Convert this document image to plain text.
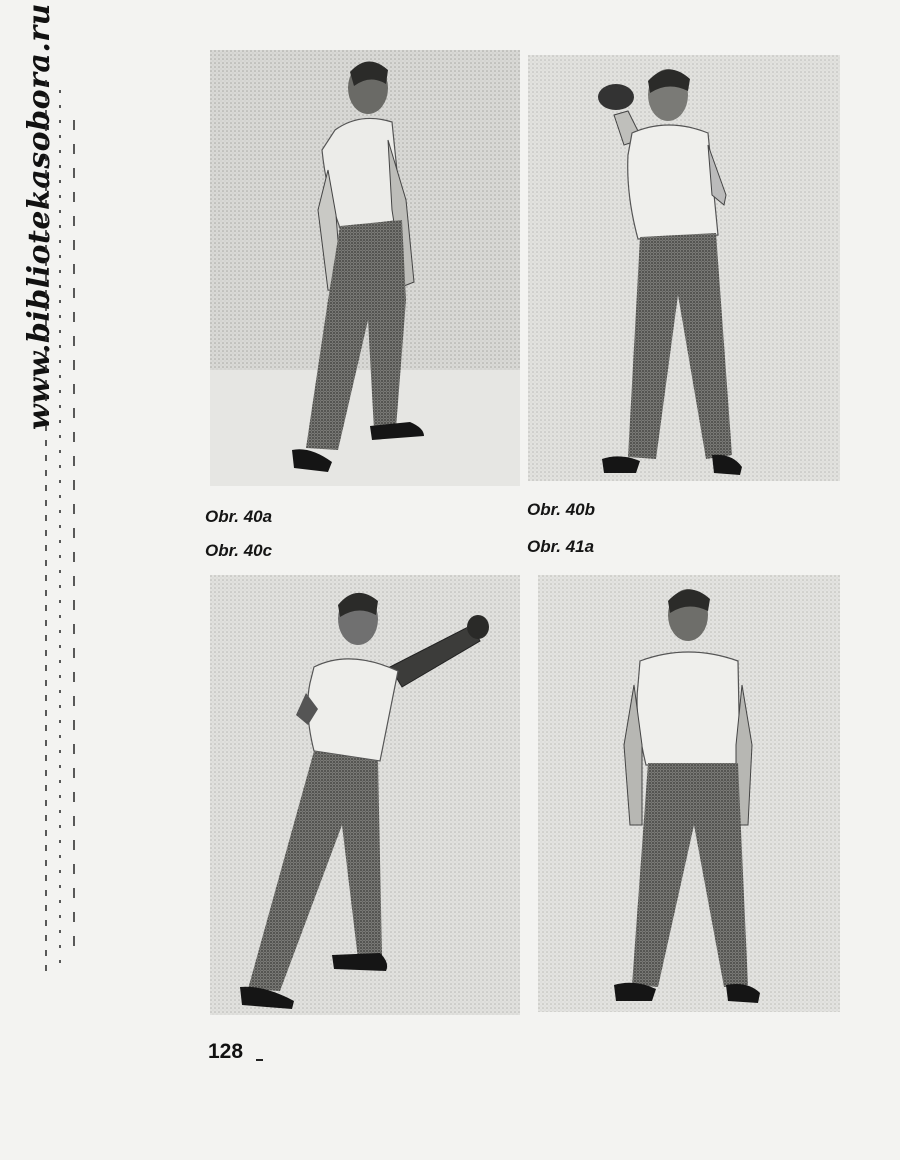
www.bibliotekasobora.ru
Obr. 40a	Obr. 40b
Obr. 40c	Obr. 41a
128
